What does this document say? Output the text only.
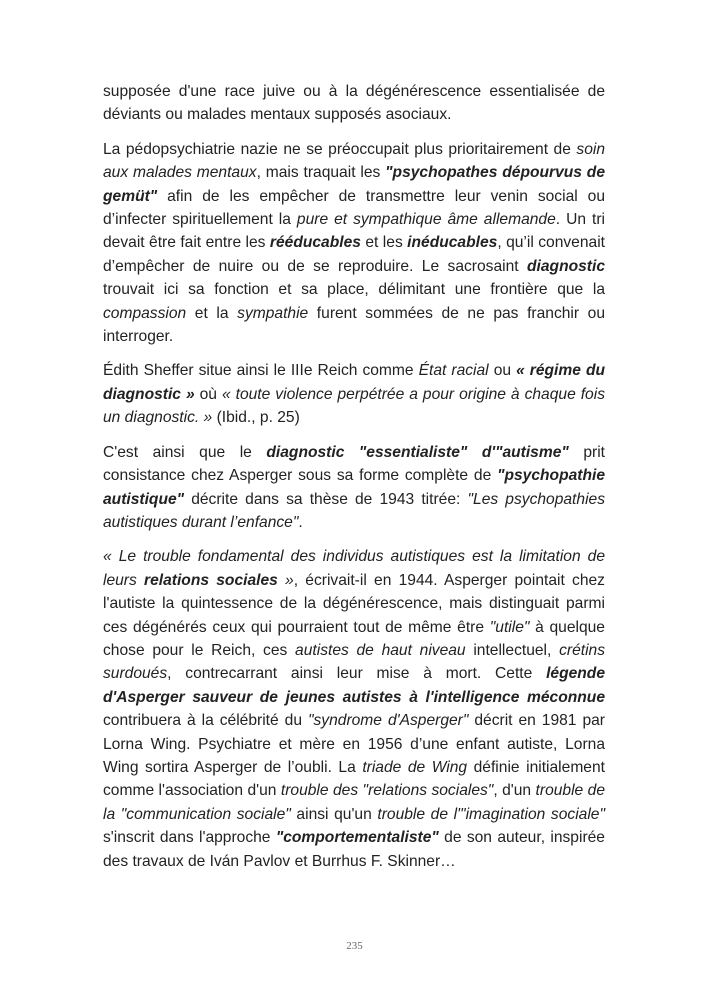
supposée d'une race juive ou à la dégénérescence essentialisée de déviants ou malades mentaux supposés asociaux.

La pédopsychiatrie nazie ne se préoccupait plus prioritairement de soin aux malades mentaux, mais traquait les "psychopathes dépourvus de gemüt" afin de les empêcher de transmettre leur venin social ou d’infecter spirituellement la pure et sympathique âme allemande. Un tri devait être fait entre les rééducables et les inéducables, qu’il convenait d’empêcher de nuire ou de se reproduire. Le sacrosaint diagnostic trouvait ici sa fonction et sa place, délimitant une frontière que la compassion et la sympathie furent sommées de ne pas franchir ou interroger.

Édith Sheffer situe ainsi le IIIe Reich comme État racial ou « régime du diagnostic » où « toute violence perpétrée a pour origine à chaque fois un diagnostic. » (Ibid., p. 25)

C'est ainsi que le diagnostic "essentialiste" d'"autisme" prit consistance chez Asperger sous sa forme complète de "psychopathie autistique" décrite dans sa thèse de 1943 titrée: "Les psychopathies autistiques durant l’enfance".

« Le trouble fondamental des individus autistiques est la limitation de leurs relations sociales », écrivait-il en 1944. Asperger pointait chez l'autiste la quintessence de la dégénérescence, mais distinguait parmi ces dégénérés ceux qui pourraient tout de même être "utile" à quelque chose pour le Reich, ces autistes de haut niveau intellectuel, crétins surdoués, contrecarrant ainsi leur mise à mort. Cette légende d'Asperger sauveur de jeunes autistes à l'intelligence méconnue contribuera à la célébrité du "syndrome d'Asperger" décrit en 1981 par Lorna Wing. Psychiatre et mère en 1956 d’une enfant autiste, Lorna Wing sortira Asperger de l’oubli. La triade de Wing définie initialement comme l'association d'un trouble des "relations sociales", d'un trouble de la "communication sociale" ainsi qu'un trouble de l'"imagination sociale" s'inscrit dans l'approche "comportementaliste" de son auteur, inspirée des travaux de Iván Pavlov et Burrhus F. Skinner…

235
